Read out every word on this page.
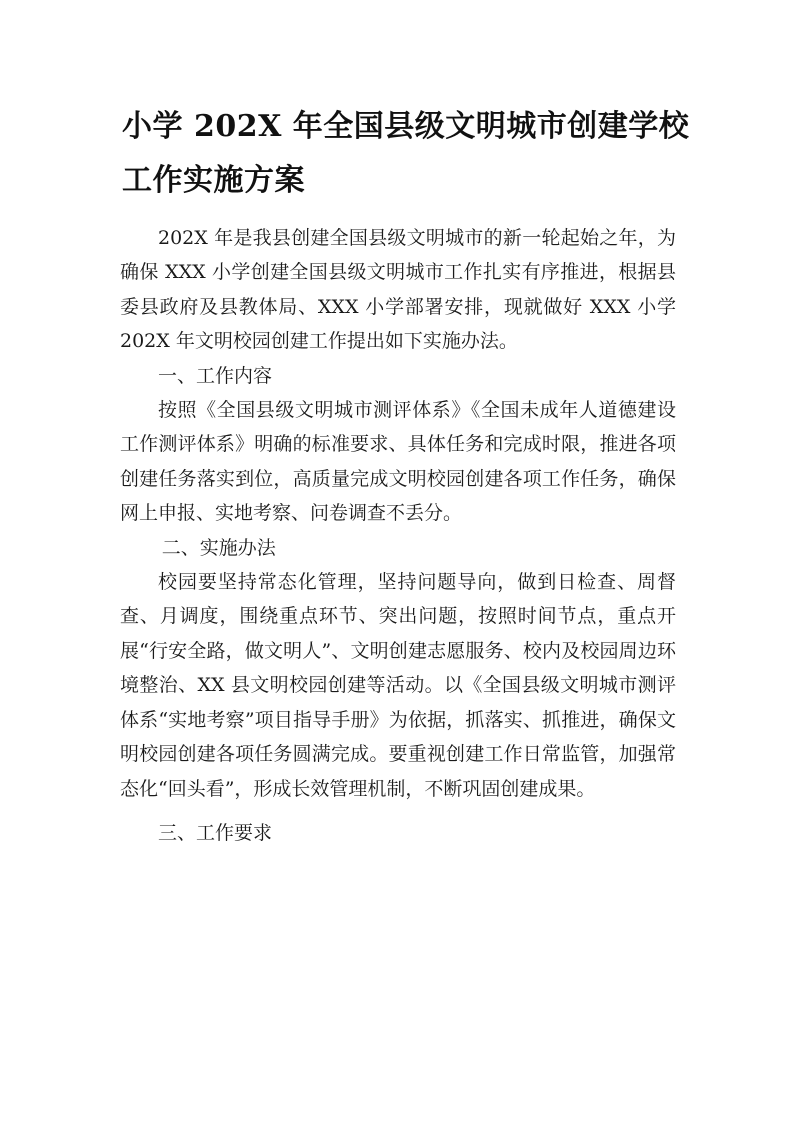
小学 202X 年全国县级文明城市创建学校工作实施方案

202X 年是我县创建全国县级文明城市的新一轮起始之年，为确保 XXX 小学创建全国县级文明城市工作扎实有序推进，根据县委县政府及县教体局、XXX 小学部署安排，现就做好 XXX 小学 202X 年文明校园创建工作提出如下实施办法。

一、工作内容

按照《全国县级文明城市测评体系》《全国未成年人道德建设工作测评体系》明确的标准要求、具体任务和完成时限，推进各项创建任务落实到位，高质量完成文明校园创建各项工作任务，确保网上申报、实地考察、问卷调查不丢分。

二、实施办法

校园要坚持常态化管理，坚持问题导向，做到日检查、周督查、月调度，围绕重点环节、突出问题，按照时间节点，重点开展“行安全路，做文明人”、文明创建志愿服务、校内及校园周边环境整治、XX 县文明校园创建等活动。以《全国县级文明城市测评体系“实地考察”项目指导手册》为依据，抓落实、抓推进，确保文明校园创建各项任务圆满完成。要重视创建工作日常监管，加强常态化“回头看”，形成长效管理机制，不断巩固创建成果。

三、工作要求
